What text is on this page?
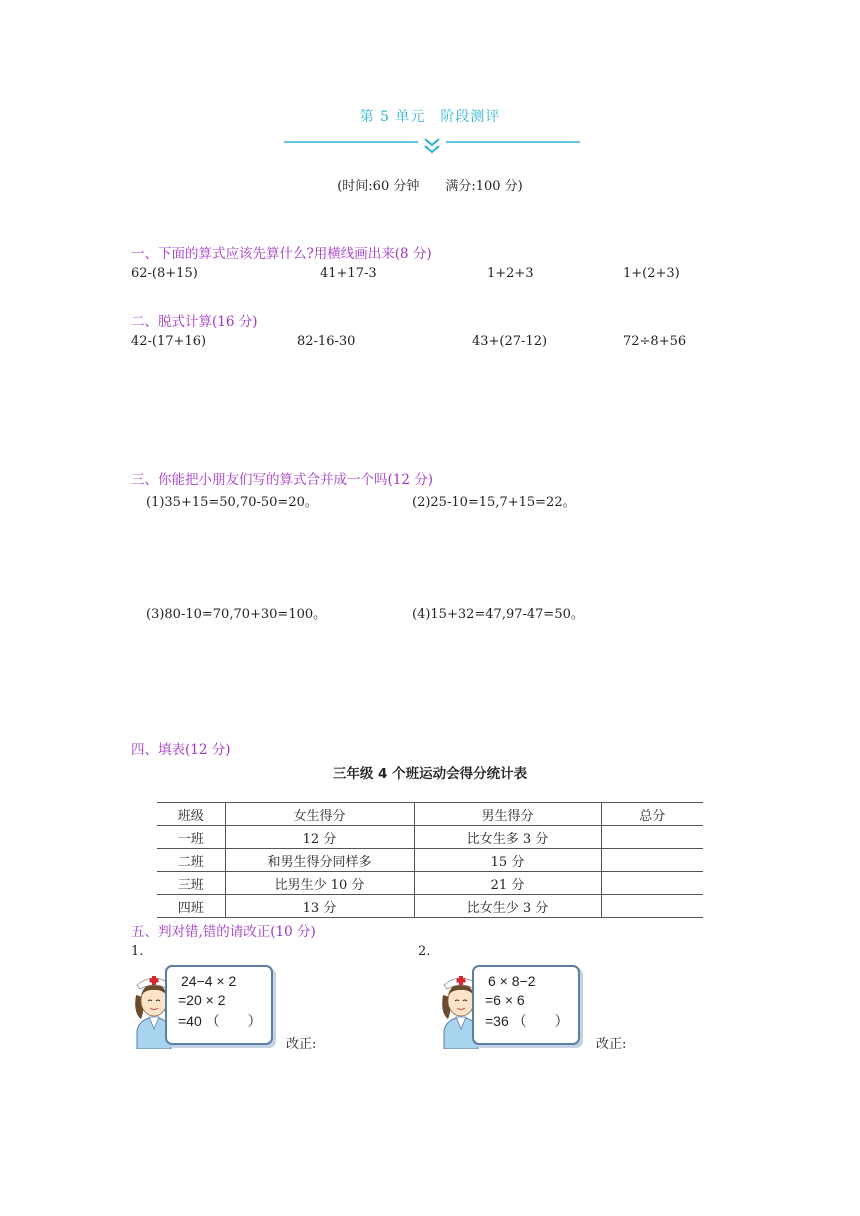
第 5 单元　阶段测评
(时间:60 分钟　　满分:100 分)
一、下面的算式应该先算什么?用横线画出来(8 分)
62-(8+15)	41+17-3	1+2+3	1+(2+3)
二、脱式计算(16 分)
42-(17+16)	82-16-30	43+(27-12)	72÷8+56
三、你能把小朋友们写的算式合并成一个吗(12 分)
(1)35+15=50,70-50=20。	(2)25-10=15,7+15=22。
(3)80-10=70,70+30=100。	(4)15+32=47,97-47=50。
四、填表(12 分)
三年级 4 个班运动会得分统计表
班级	女生得分	男生得分	总分
一班	12 分	比女生多 3 分	
二班	和男生得分同样多	15 分	
三班	比男生少 10 分	21 分	
四班	13 分	比女生少 3 分	
五、判对错,错的请改正(10 分)
1.
24−4 × 2
=20 × 2
=40 （　　）
改正:
2.
6 × 8−2
=6 × 6
=36 （　　）
改正:
